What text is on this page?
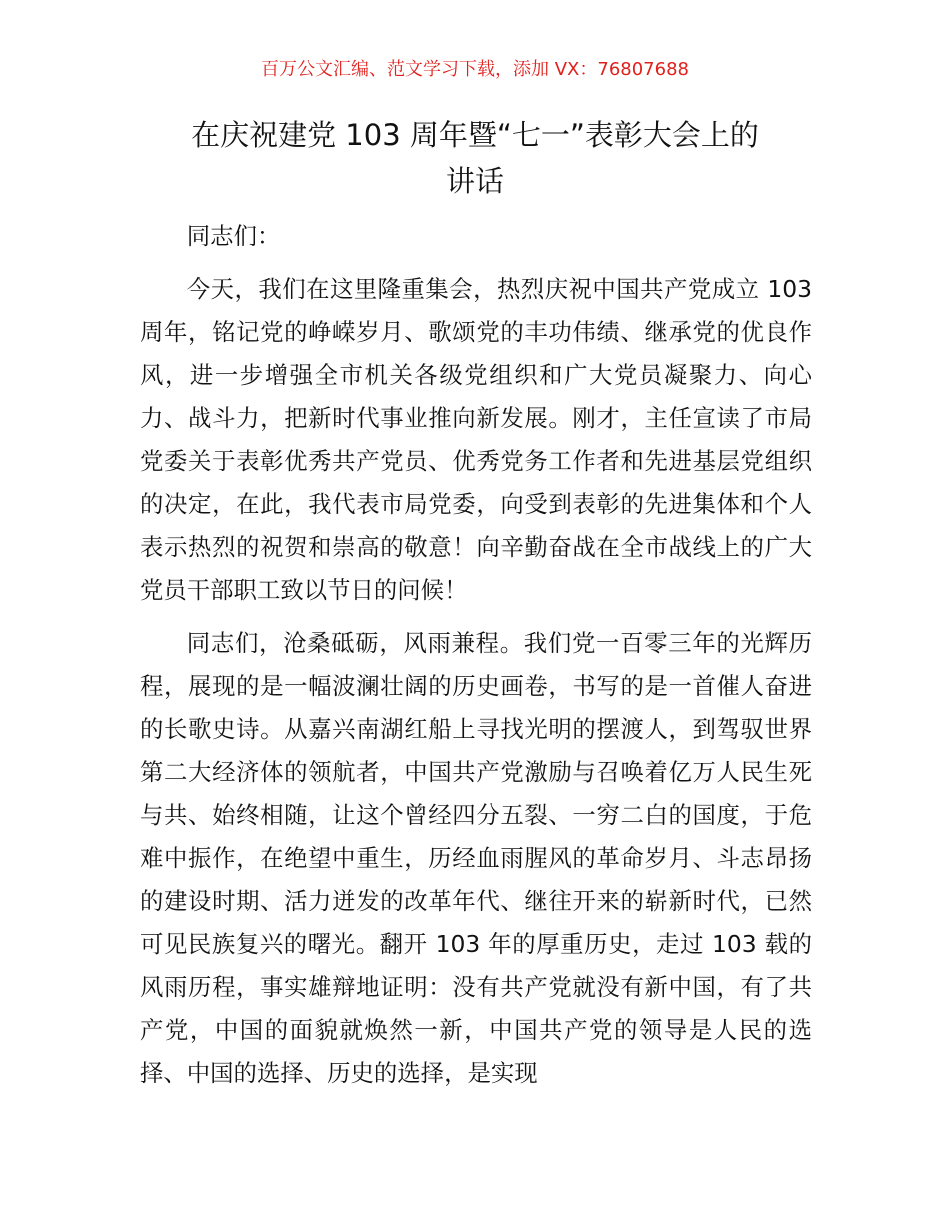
百万公文汇编、范文学习下载，添加 VX：76807688
在庆祝建党 103 周年暨“七一”表彰大会上的
讲话

同志们：

今天，我们在这里隆重集会，热烈庆祝中国共产党成立 103 周年，铭记党的峥嵘岁月、歌颂党的丰功伟绩、继承党的优良作风，进一步增强全市机关各级党组织和广大党员凝聚力、向心力、战斗力，把新时代事业推向新发展。刚才，主任宣读了市局党委关于表彰优秀共产党员、优秀党务工作者和先进基层党组织的决定，在此，我代表市局党委，向受到表彰的先进集体和个人表示热烈的祝贺和崇高的敬意！向辛勤奋战在全市战线上的广大党员干部职工致以节日的问候！

同志们，沧桑砥砺，风雨兼程。我们党一百零三年的光辉历程，展现的是一幅波澜壮阔的历史画卷，书写的是一首催人奋进的长歌史诗。从嘉兴南湖红船上寻找光明的摆渡人，到驾驭世界第二大经济体的领航者，中国共产党激励与召唤着亿万人民生死与共、始终相随，让这个曾经四分五裂、一穷二白的国度，于危难中振作，在绝望中重生，历经血雨腥风的革命岁月、斗志昂扬的建设时期、活力迸发的改革年代、继往开来的崭新时代，已然可见民族复兴的曙光。翻开 103 年的厚重历史，走过 103 载的风雨历程，事实雄辩地证明：没有共产党就没有新中国，有了共产党，中国的面貌就焕然一新，中国共产党的领导是人民的选择、中国的选择、历史的选择，是实现
